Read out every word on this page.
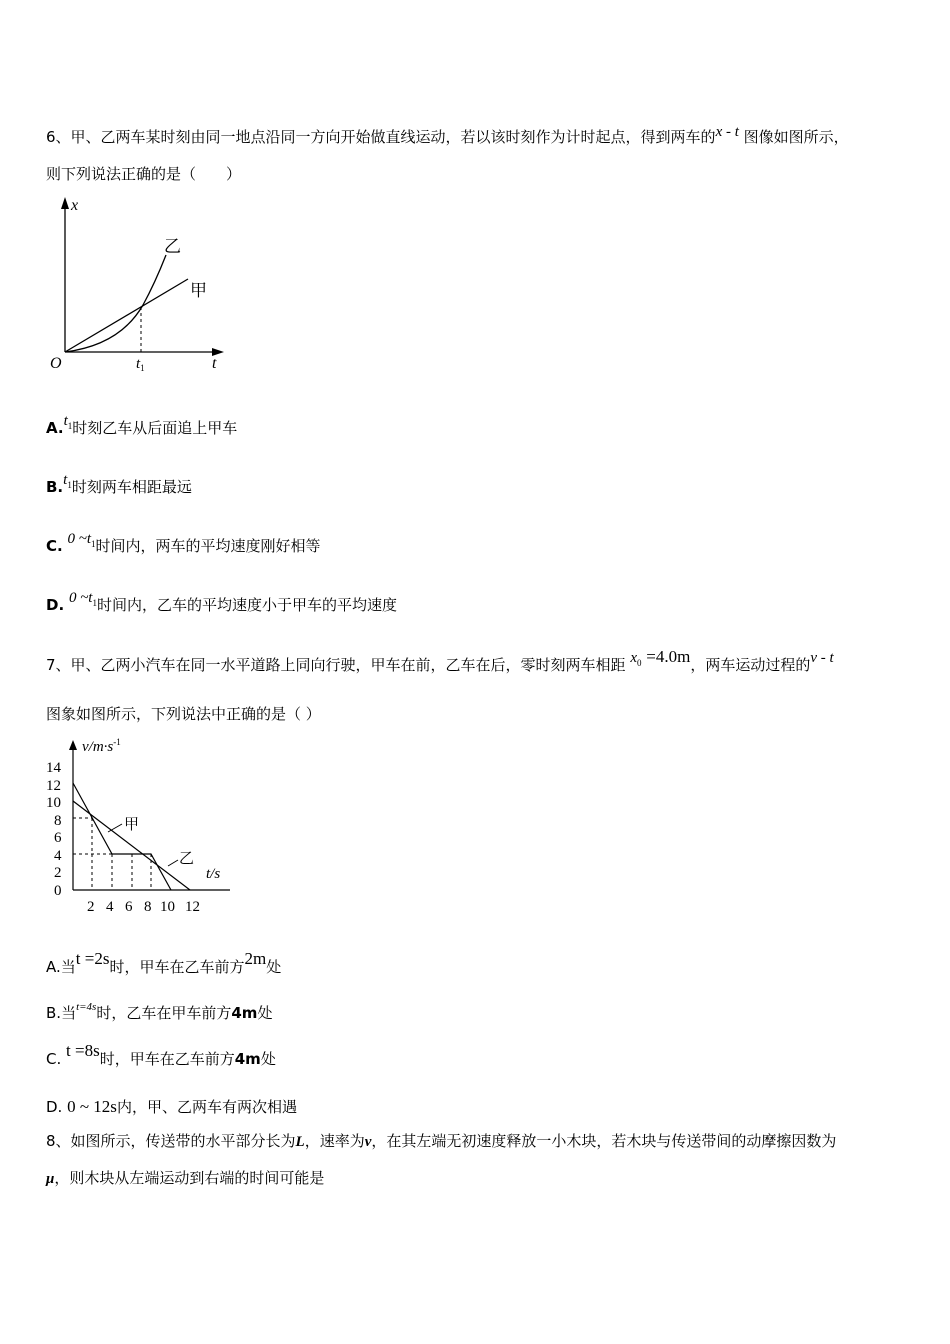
6、甲、乙两车某时刻由同一地点沿同一方向开始做直线运动，若以该时刻作为计时起点，得到两车的x - t 图像如图所示，
则下列说法正确的是（　　）
x
t
O	$t_1$
乙
甲
$A.t_1$时刻乙车从后面追上甲车
$B.t_1$时刻两车相距最远
C. 0 $\sim t_1$时间内，两车的平均速度刚好相等
D. 0 $\sim t_1$时间内，乙车的平均速度小于甲车的平均速度
7、甲、乙两小汽车在同一水平道路上同向行驶，甲车在前，乙车在后，零时刻两车相距 $x_0 =4.0m$，两车运动过程的v - t
图象如图所示，下列说法中正确的是（ ）
14
12
10
8
6
4
2
0
2 4 6 8 10 12
甲
乙
$v/m\cdot s^{-1}$
t/s
A.当t =2s时，甲车在乙车前方2m处
B.当$^{t=4s}$时，乙车在甲车前方4m处
C. t =8s时，甲车在乙车前方4m处
D. 0 ~ 12s内，甲、乙两车有两次相遇
8、如图所示，传送带的水平部分长为L，速率为v，在其左端无初速度释放一小木块，若木块与传送带间的动摩擦因数为
μ，则木块从左端运动到右端的时间可能是
